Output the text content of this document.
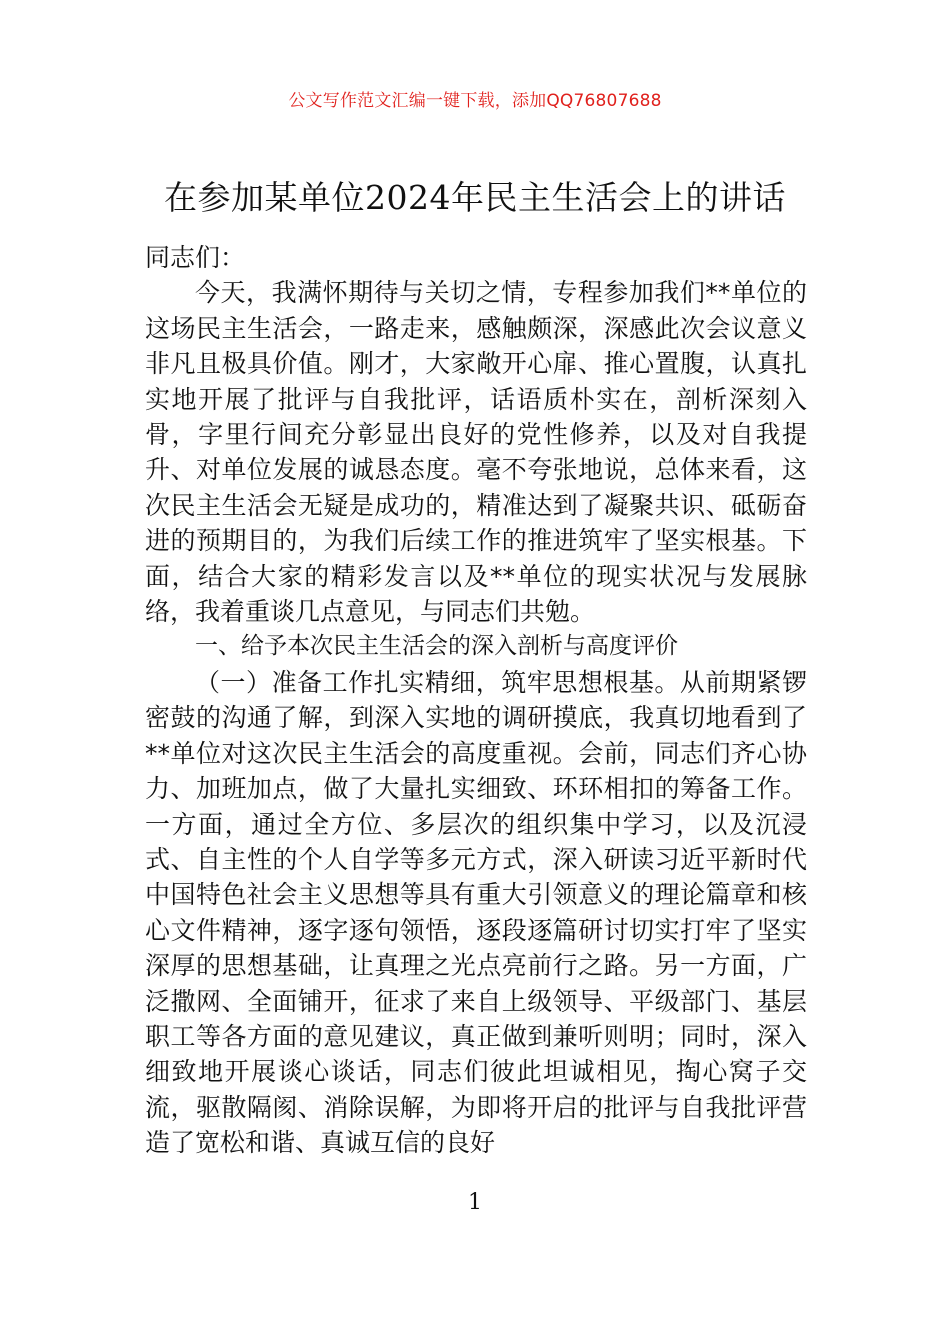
公文写作范文汇编一键下载，添加QQ76807688
在参加某单位2024年民主生活会上的讲话

同志们：

今天，我满怀期待与关切之情，专程参加我们**单位的这场民主生活会，一路走来，感触颇深，深感此次会议意义非凡且极具价值。刚才，大家敞开心扉、推心置腹，认真扎实地开展了批评与自我批评，话语质朴实在，剖析深刻入骨，字里行间充分彰显出良好的党性修养，以及对自我提升、对单位发展的诚恳态度。毫不夸张地说，总体来看，这次民主生活会无疑是成功的，精准达到了凝聚共识、砥砺奋进的预期目的，为我们后续工作的推进筑牢了坚实根基。下面，结合大家的精彩发言以及**单位的现实状况与发展脉络，我着重谈几点意见，与同志们共勉。

一、给予本次民主生活会的深入剖析与高度评价

（一）准备工作扎实精细，筑牢思想根基。从前期紧锣密鼓的沟通了解，到深入实地的调研摸底，我真切地看到了**单位对这次民主生活会的高度重视。会前，同志们齐心协力、加班加点，做了大量扎实细致、环环相扣的筹备工作。一方面，通过全方位、多层次的组织集中学习，以及沉浸式、自主性的个人自学等多元方式，深入研读习近平新时代中国特色社会主义思想等具有重大引领意义的理论篇章和核心文件精神，逐字逐句领悟，逐段逐篇研讨切实打牢了坚实深厚的思想基础，让真理之光点亮前行之路。另一方面，广泛撒网、全面铺开，征求了来自上级领导、平级部门、基层职工等各方面的意见建议，真正做到兼听则明；同时，深入细致地开展谈心谈话，同志们彼此坦诚相见，掏心窝子交流，驱散隔阂、消除误解，为即将开启的批评与自我批评营造了宽松和谐、真诚互信的良好

1
